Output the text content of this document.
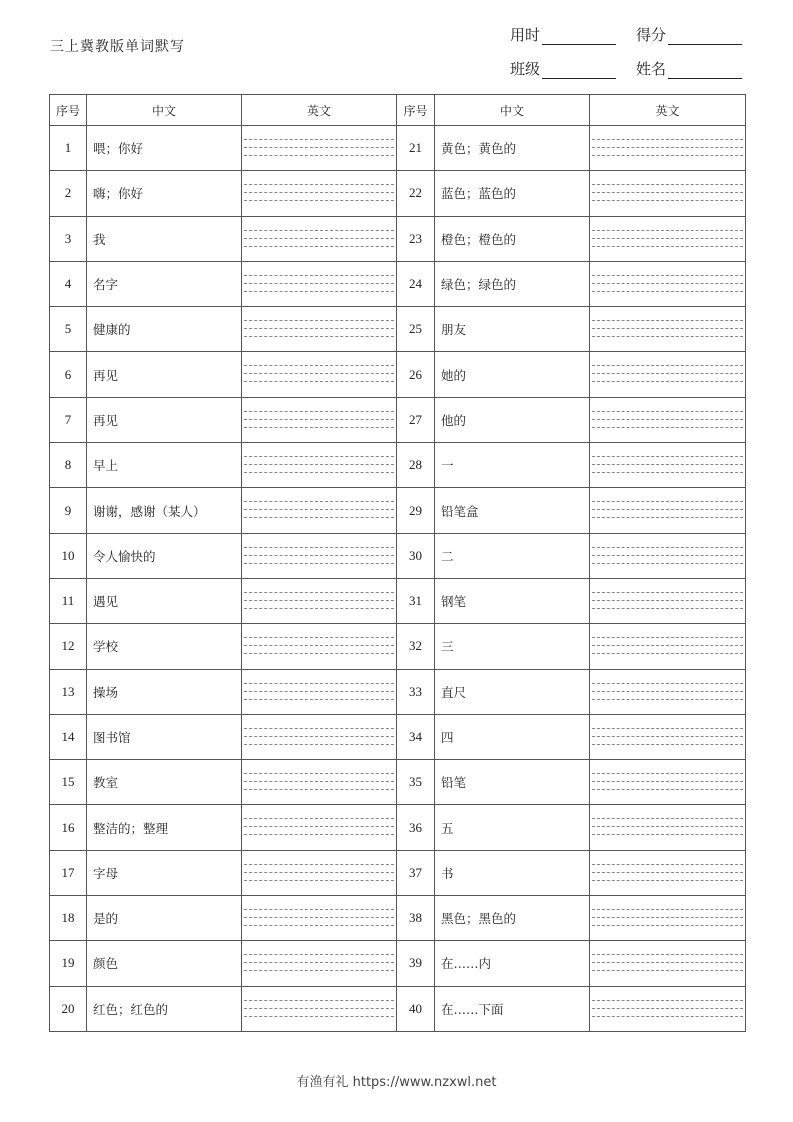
三上冀教版单词默写
用时	得分
班级	姓名
序号	中文	英文	序号	中文	英文
1	喂；你好		21	黄色；黄色的	

2	嗨；你好		22	蓝色；蓝色的	

3	我		23	橙色；橙色的	

4	名字		24	绿色；绿色的	

5	健康的		25	朋友	

6	再见		26	她的	

7	再见		27	他的	

8	早上		28	一	

9	谢谢，感谢（某人）		29	铅笔盒	

10	令人愉快的		30	二	

11	遇见		31	钢笔	

12	学校		32	三	

13	操场		33	直尺	

14	图书馆		34	四	

15	教室		35	铅笔	

16	整洁的；整理		36	五	

17	字母		37	书	

18	是的		38	黑色；黑色的	

19	颜色		39	在……内	

20	红色；红色的		40	在……下面	
有渔有礼 https://www.nzxwl.net
